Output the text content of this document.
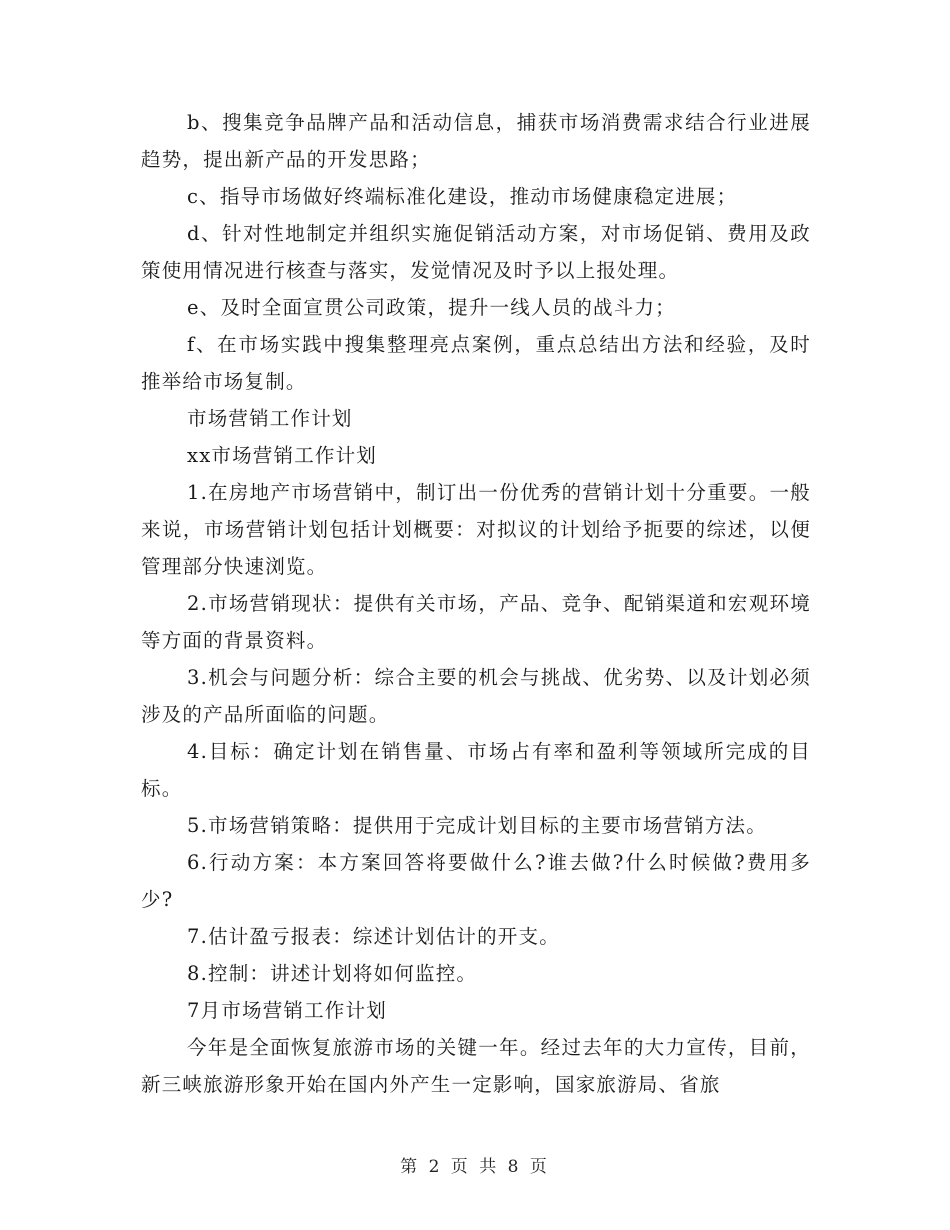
b、搜集竞争品牌产品和活动信息，捕获市场消费需求结合行业进展趋势，提出新产品的开发思路；

c、指导市场做好终端标准化建设，推动市场健康稳定进展；

d、针对性地制定并组织实施促销活动方案，对市场促销、费用及政策使用情况进行核查与落实，发觉情况及时予以上报处理。

e、及时全面宣贯公司政策，提升一线人员的战斗力；

f、在市场实践中搜集整理亮点案例，重点总结出方法和经验，及时推举给市场复制。

市场营销工作计划

xx市场营销工作计划

1.在房地产市场营销中，制订出一份优秀的营销计划十分重要。一般来说，市场营销计划包括计划概要：对拟议的计划给予扼要的综述，以便管理部分快速浏览。

2.市场营销现状：提供有关市场，产品、竞争、配销渠道和宏观环境等方面的背景资料。

3.机会与问题分析：综合主要的机会与挑战、优劣势、以及计划必须涉及的产品所面临的问题。

4.目标：确定计划在销售量、市场占有率和盈利等领域所完成的目标。

5.市场营销策略：提供用于完成计划目标的主要市场营销方法。

6.行动方案：本方案回答将要做什么?谁去做?什么时候做?费用多少?

7.估计盈亏报表：综述计划估计的开支。

8.控制：讲述计划将如何监控。

7月市场营销工作计划

今年是全面恢复旅游市场的关键一年。经过去年的大力宣传，目前，新三峡旅游形象开始在国内外产生一定影响，国家旅游局、省旅

第 2 页 共 8 页
